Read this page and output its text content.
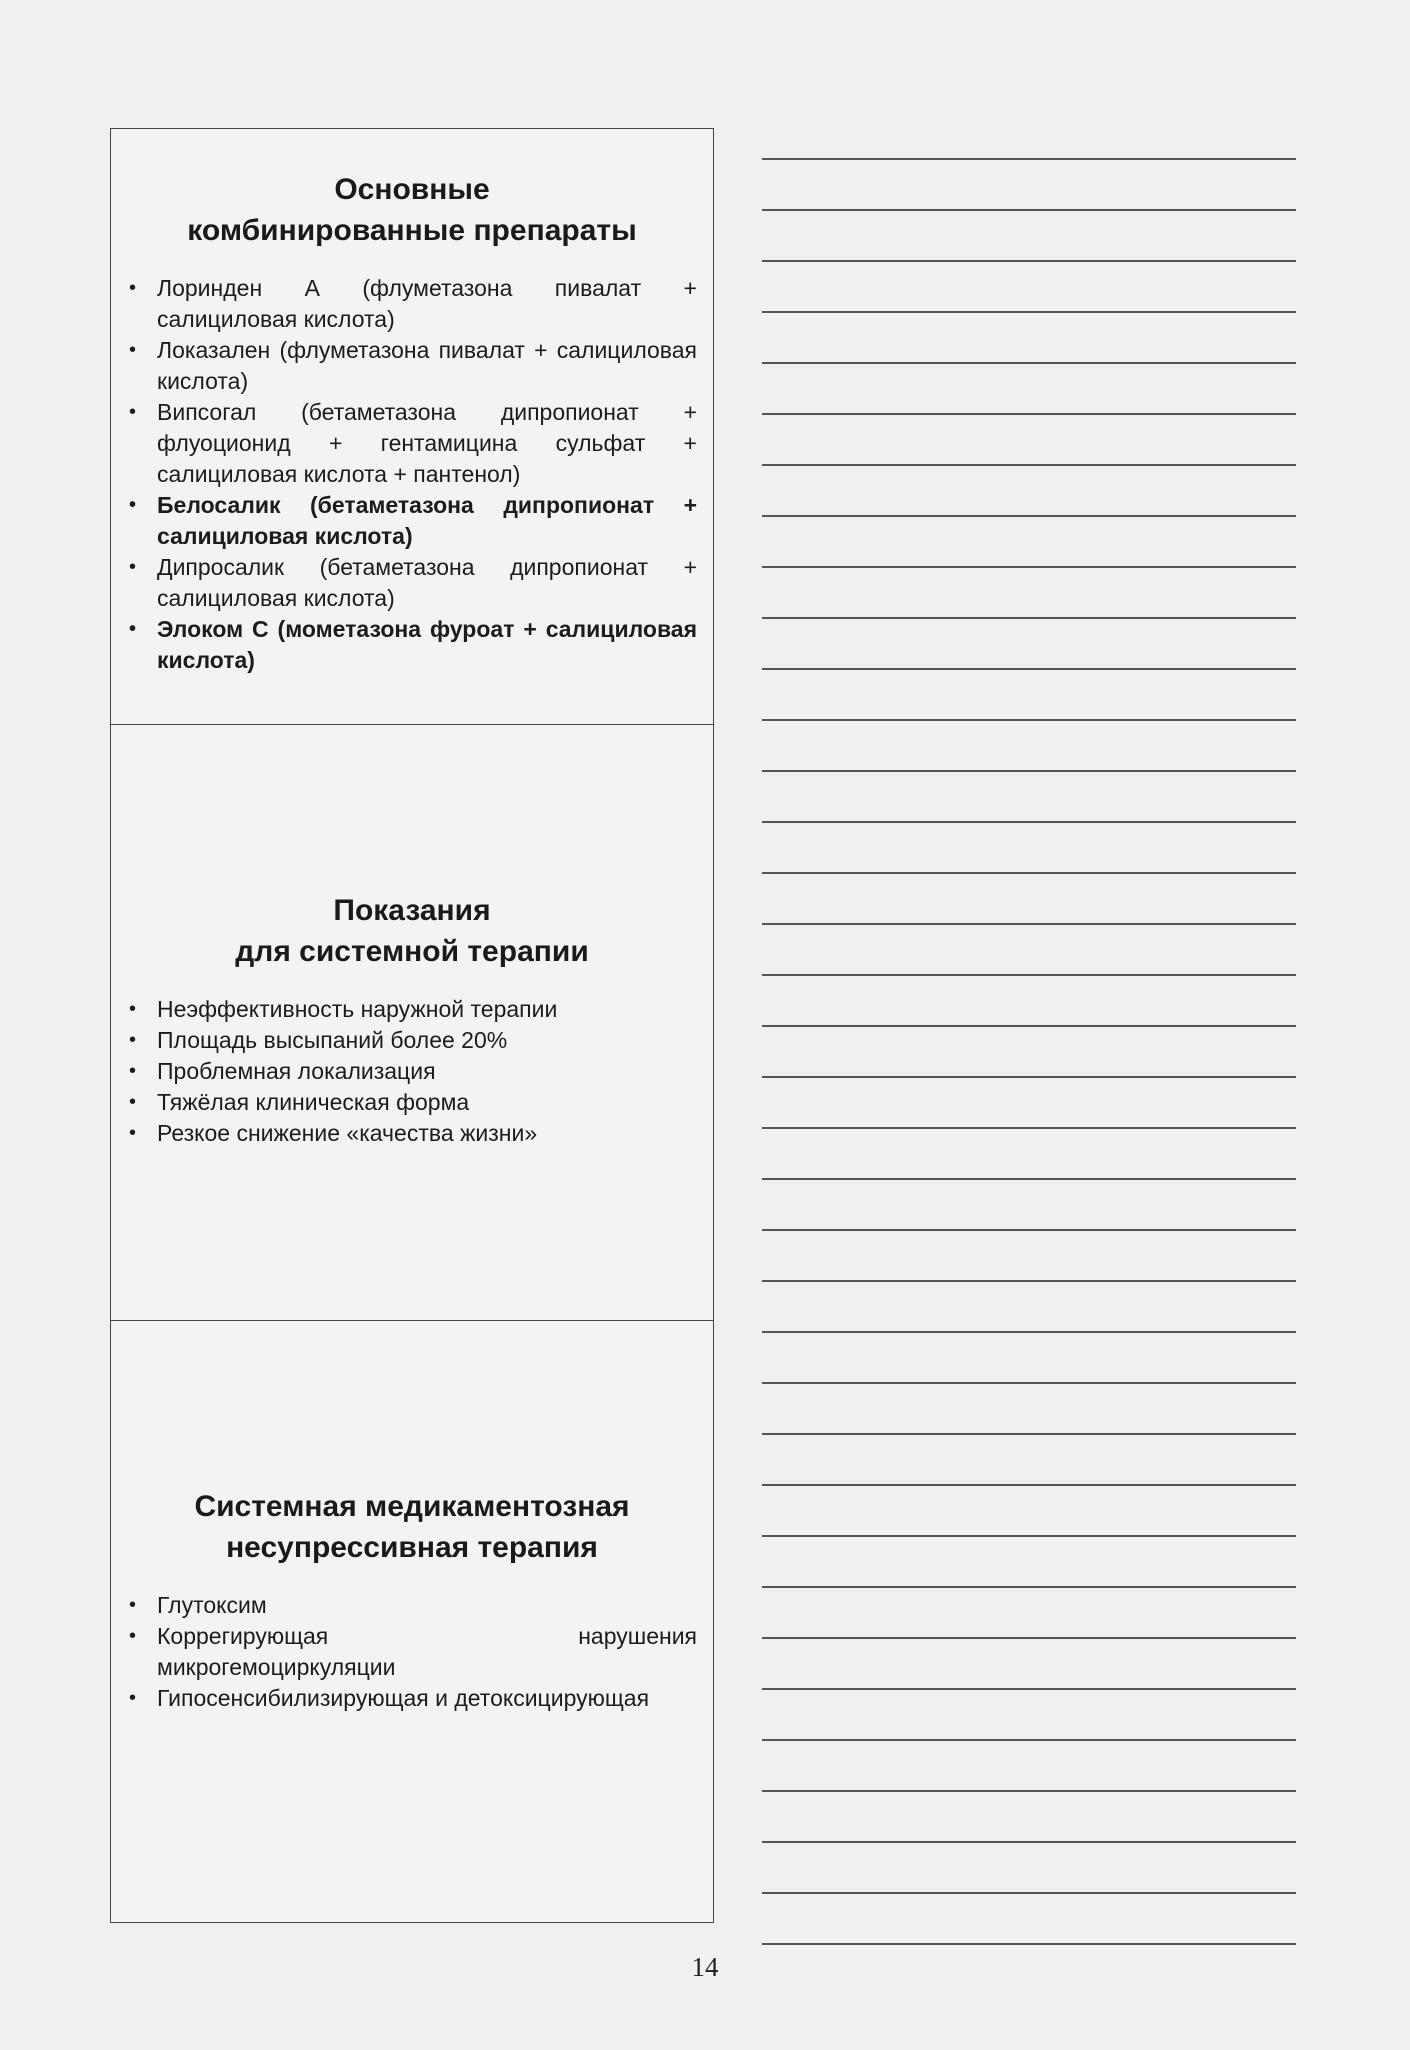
Основные
комбинированные препараты
• Лоринден А (флуметазона пивалат + салициловая кислота)
• Локазален (флуметазона пивалат + салициловая кислота)
• Випсогал (бетаметазона дипропионат + флуоционид + гентамицина сульфат + салициловая кислота + пантенол)
• Белосалик (бетаметазона дипропионат + салициловая кислота)
• Дипросалик (бетаметазона дипропионат + салициловая кислота)
• Элоком С (мометазона фуроат + салициловая кислота)
Показания
для системной терапии
• Неэффективность наружной терапии
• Площадь высыпаний более 20%
• Проблемная локализация
• Тяжёлая клиническая форма
• Резкое снижение «качества жизни»
Системная медикаментозная
несупрессивная терапия
• Глутоксим
• Коррегирующая нарушения микрогемоциркуляции
• Гипосенсибилизирующая и детоксицирующая
14
